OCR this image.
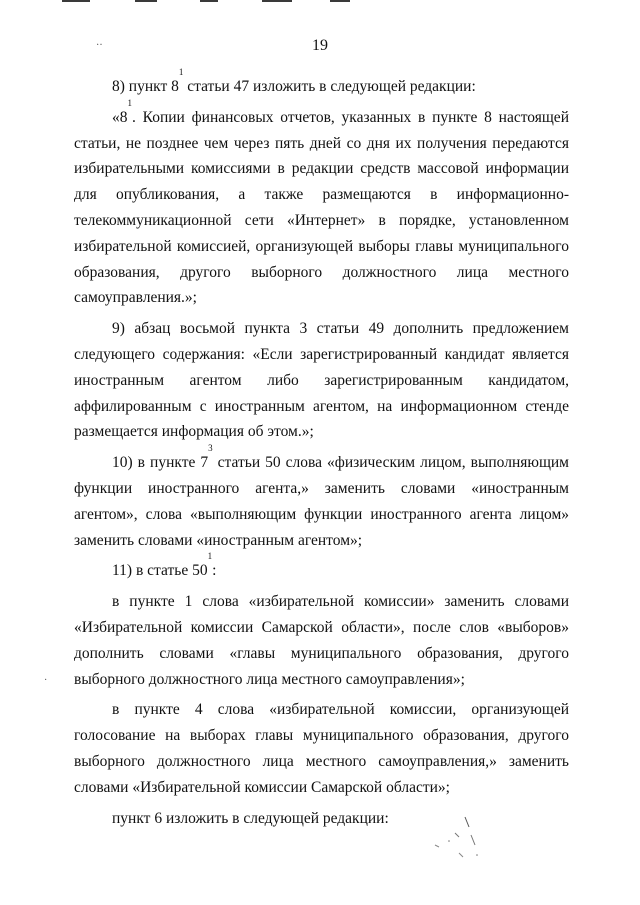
‥
·
19

8) пункт $8^1$ статьи 47 изложить в следующей редакции:

«$8^1$. Копии финансовых отчетов, указанных в пункте 8 настоящей статьи, не позднее чем через пять дней со дня их получения передаются избирательными комиссиями в редакции средств массовой информации для опубликования, а также размещаются в информационно-телекоммуникационной сети «Интернет» в порядке, установленном избирательной комиссией, организующей выборы главы муниципального образования, другого выборного должностного лица местного самоуправления.»;

9) абзац восьмой пункта 3 статьи 49 дополнить предложением следующего содержания: «Если зарегистрированный кандидат является иностранным агентом либо зарегистрированным кандидатом, аффилированным с иностранным агентом, на информационном стенде размещается информация об этом.»;

10) в пункте $7^3$ статьи 50 слова «физическим лицом, выполняющим функции иностранного агента,» заменить словами «иностранным агентом», слова «выполняющим функции иностранного агента лицом» заменить словами «иностранным агентом»;

11) в статье $50^1$:

в пункте 1 слова «избирательной комиссии» заменить словами «Избирательной комиссии Самарской области», после слов «выборов» дополнить словами «главы муниципального образования, другого выборного должностного лица местного самоуправления»;

в пункте 4 слова «избирательной комиссии, организующей голосование на выборах главы муниципального образования, другого выборного должностного лица местного самоуправления,» заменить словами «Избирательной комиссии Самарской области»;

пункт 6 изложить в следующей редакции:
